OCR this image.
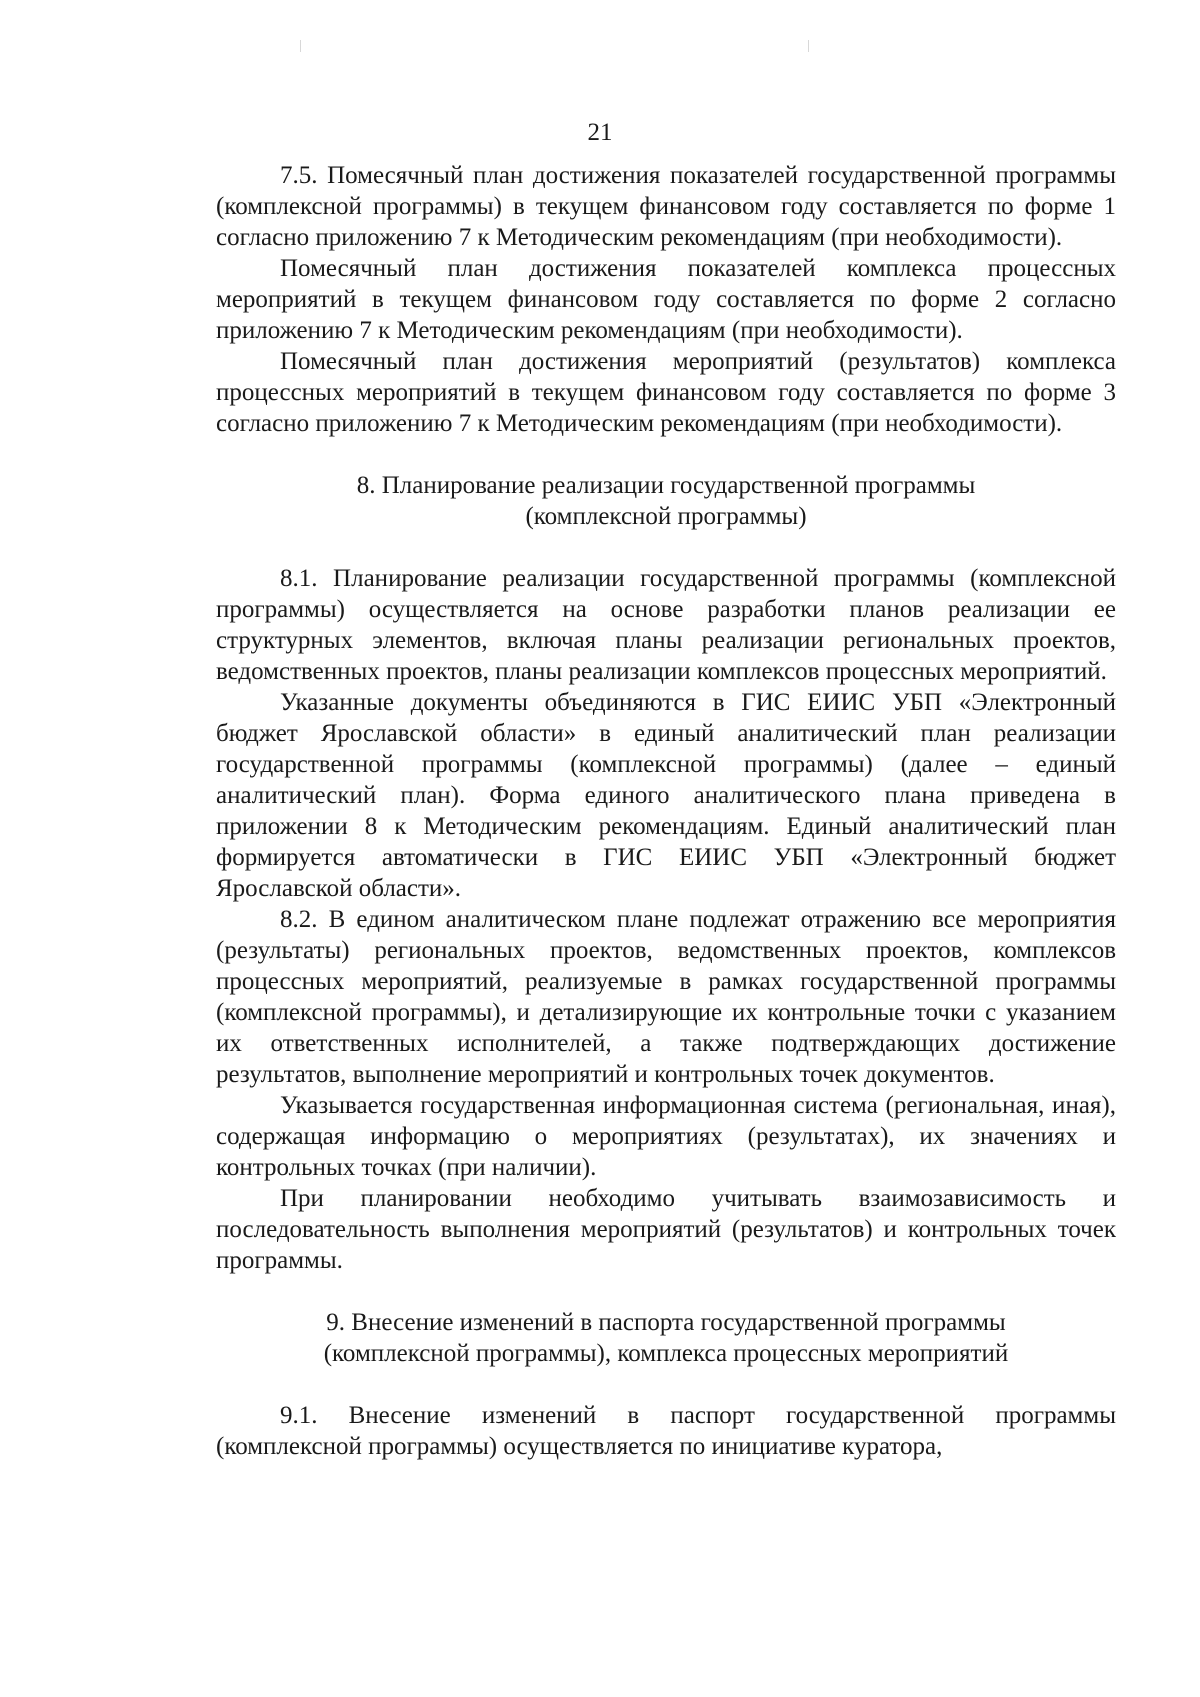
21

7.5. Помесячный план достижения показателей государственной программы (комплексной программы) в текущем финансовом году составляется по форме 1 согласно приложению 7 к Методическим рекомендациям (при необходимости).

Помесячный план достижения показателей комплекса процессных мероприятий в текущем финансовом году составляется по форме 2 согласно приложению 7 к Методическим рекомендациям (при необходимости).

Помесячный план достижения мероприятий (результатов) комплекса процессных мероприятий в текущем финансовом году составляется по форме 3 согласно приложению 7 к Методическим рекомендациям (при необходимости).

8. Планирование реализации государственной программы
(комплексной программы)

8.1. Планирование реализации государственной программы (комплексной программы) осуществляется на основе разработки планов реализации ее структурных элементов, включая планы реализации региональных проектов, ведомственных проектов, планы реализации комплексов процессных мероприятий.

Указанные документы объединяются в ГИС ЕИИС УБП «Электронный бюджет Ярославской области» в единый аналитический план реализации государственной программы (комплексной программы) (далее – единый аналитический план). Форма единого аналитического плана приведена в приложении 8 к Методическим рекомендациям. Единый аналитический план формируется автоматически в ГИС ЕИИС УБП «Электронный бюджет Ярославской области».

8.2. В едином аналитическом плане подлежат отражению все мероприятия (результаты) региональных проектов, ведомственных проектов, комплексов процессных мероприятий, реализуемые в рамках государственной программы (комплексной программы), и детализирующие их контрольные точки с указанием их ответственных исполнителей, а также подтверждающих достижение результатов, выполнение мероприятий и контрольных точек документов.

Указывается государственная информационная система (региональная, иная), содержащая информацию о мероприятиях (результатах), их значениях и контрольных точках (при наличии).

При планировании необходимо учитывать взаимозависимость и последовательность выполнения мероприятий (результатов) и контрольных точек программы.

9. Внесение изменений в паспорта государственной программы
(комплексной программы), комплекса процессных мероприятий

9.1. Внесение изменений в паспорт государственной программы (комплексной программы) осуществляется по инициативе куратора,
